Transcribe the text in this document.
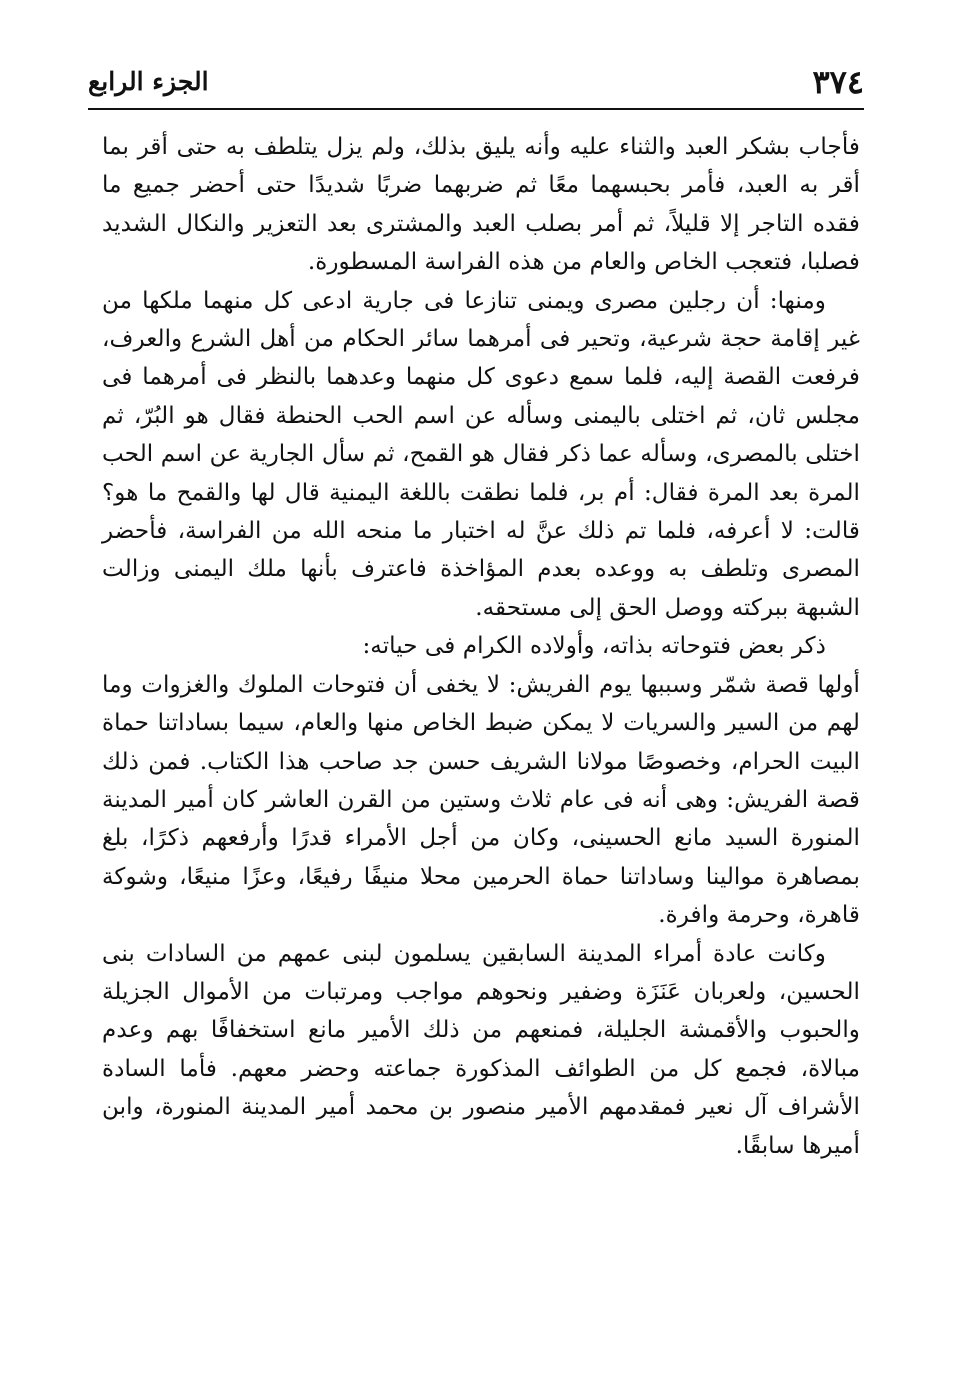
٣٧٤
الجزء الرابع

فأجاب بشكر العبد والثناء عليه وأنه يليق بذلك، ولم يزل يتلطف به حتى أقر بما أقر به العبد، فأمر بحبسهما معًا ثم ضربهما ضربًا شديدًا حتى أحضر جميع ما فقده التاجر إلا قليلاً، ثم أمر بصلب العبد والمشترى بعد التعزير والنكال الشديد فصلبا، فتعجب الخاص والعام من هذه الفراسة المسطورة.

ومنها: أن رجلين مصرى ويمنى تنازعا فى جارية ادعى كل منهما ملكها من غير إقامة حجة شرعية، وتحير فى أمرهما سائر الحكام من أهل الشرع والعرف، فرفعت القصة إليه، فلما سمع دعوى كل منهما وعدهما بالنظر فى أمرهما فى مجلس ثان، ثم اختلى باليمنى وسأله عن اسم الحب الحنطة فقال هو البُرّ، ثم اختلى بالمصرى، وسأله عما ذكر فقال هو القمح، ثم سأل الجارية عن اسم الحب المرة بعد المرة فقال: أم بر، فلما نطقت باللغة اليمنية قال لها والقمح ما هو؟ قالت: لا أعرفه، فلما تم ذلك عنَّ له اختبار ما منحه الله من الفراسة، فأحضر المصرى وتلطف به ووعده بعدم المؤاخذة فاعترف بأنها ملك اليمنى وزالت الشبهة ببركته ووصل الحق إلى مستحقه.

ذكر بعض فتوحاته بذاته، وأولاده الكرام فى حياته:

أولها قصة شمّر وسببها يوم الفريش: لا يخفى أن فتوحات الملوك والغزوات وما لهم من السير والسريات لا يمكن ضبط الخاص منها والعام، سيما بساداتنا حماة البيت الحرام، وخصوصًا مولانا الشريف حسن جد صاحب هذا الكتاب. فمن ذلك قصة الفريش: وهى أنه فى عام ثلاث وستين من القرن العاشر كان أمير المدينة المنورة السيد مانع الحسينى، وكان من أجل الأمراء قدرًا وأرفعهم ذكرًا، بلغ بمصاهرة موالينا وساداتنا حماة الحرمين محلا منيفًا رفيعًا، وعزًا منيعًا، وشوكة قاهرة، وحرمة وافرة.

وكانت عادة أمراء المدينة السابقين يسلمون لبنى عمهم من السادات بنى الحسين، ولعربان عَنَزَة وضفير ونحوهم مواجب ومرتبات من الأموال الجزيلة والحبوب والأقمشة الجليلة، فمنعهم من ذلك الأمير مانع استخفافًا بهم وعدم مبالاة، فجمع كل من الطوائف المذكورة جماعته وحضر معهم. فأما السادة الأشراف آل نعير فمقدمهم الأمير منصور بن محمد أمير المدينة المنورة، وابن أميرها سابقًا.
